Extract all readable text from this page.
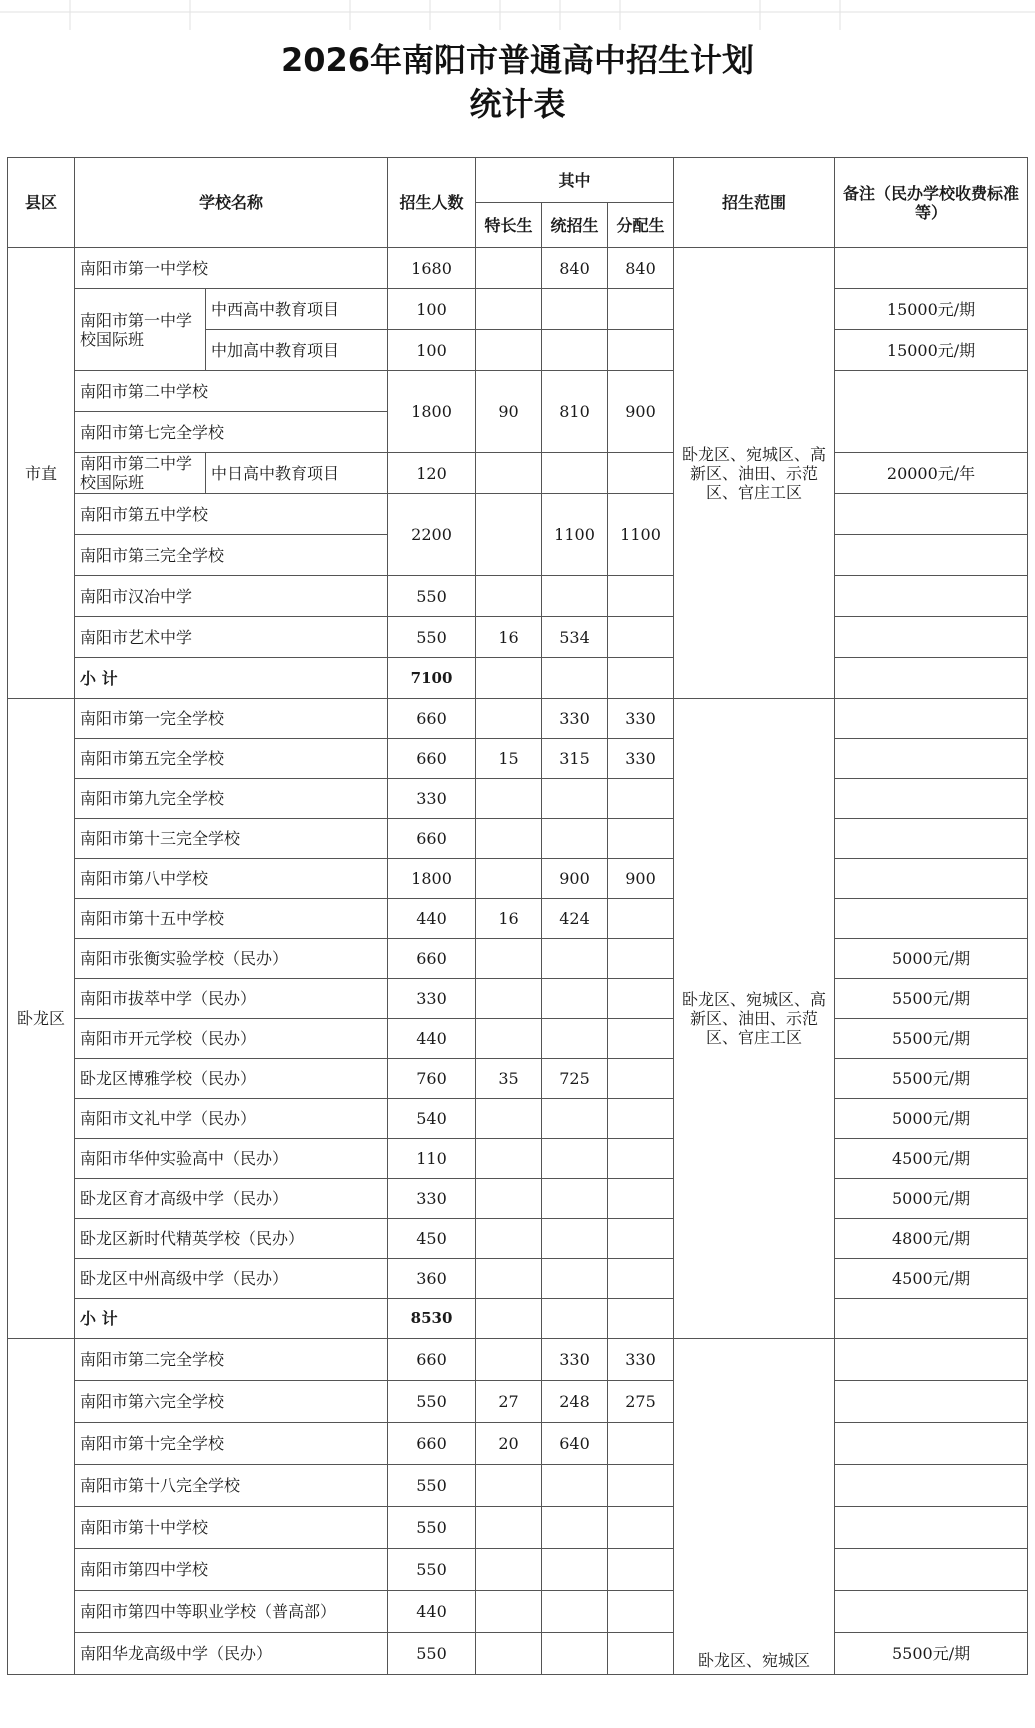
2026年南阳市普通高中招生计划
统计表
县区	学校名称		招生人数	其中			招生范围	备注（民办学校收费标准等）
				特长生	统招生	分配生		
市直	南阳市第一中学校		1680		840	840	卧龙区、宛城区、高新区、油田、示范区、官庄工区	
	南阳市第一中学校国际班	中西高中教育项目	100					15000元/期
		中加高中教育项目	100					15000元/期
	南阳市第二中学校		1800	90	810	900		
	南阳市第七完全学校							
	南阳市第二中学校国际班	中日高中教育项目	120					20000元/年
	南阳市第五中学校		2200		1100	1100		
	南阳市第三完全学校							
	南阳市汉冶中学		550					
	南阳市艺术中学		550	16	534			
	小 计		7100					
卧龙区	南阳市第一完全学校		660		330	330	卧龙区、宛城区、高新区、油田、示范区、官庄工区	
	南阳市第五完全学校		660	15	315	330		
	南阳市第九完全学校		330					
	南阳市第十三完全学校		660					
	南阳市第八中学校		1800		900	900		
	南阳市第十五中学校		440	16	424			
	南阳市张衡实验学校（民办）		660					5000元/期
	南阳市拔萃中学（民办）		330					5500元/期
	南阳市开元学校（民办）		440					5500元/期
	卧龙区博雅学校（民办）		760	35	725			5500元/期
	南阳市文礼中学（民办）		540					5000元/期
	南阳市华仲实验高中（民办）		110					4500元/期
	卧龙区育才高级中学（民办）		330					5000元/期
	卧龙区新时代精英学校（民办）		450					4800元/期
	卧龙区中州高级中学（民办）		360					4500元/期
	小 计		8530					
	南阳市第二完全学校		660		330	330	卧龙区、宛城区	
	南阳市第六完全学校		550	27	248	275		
	南阳市第十完全学校		660	20	640			
	南阳市第十八完全学校		550					
	南阳市第十中学校		550					
	南阳市第四中学校		550					
	南阳市第四中等职业学校（普高部）		440					
	南阳华龙高级中学（民办）		550					5500元/期
